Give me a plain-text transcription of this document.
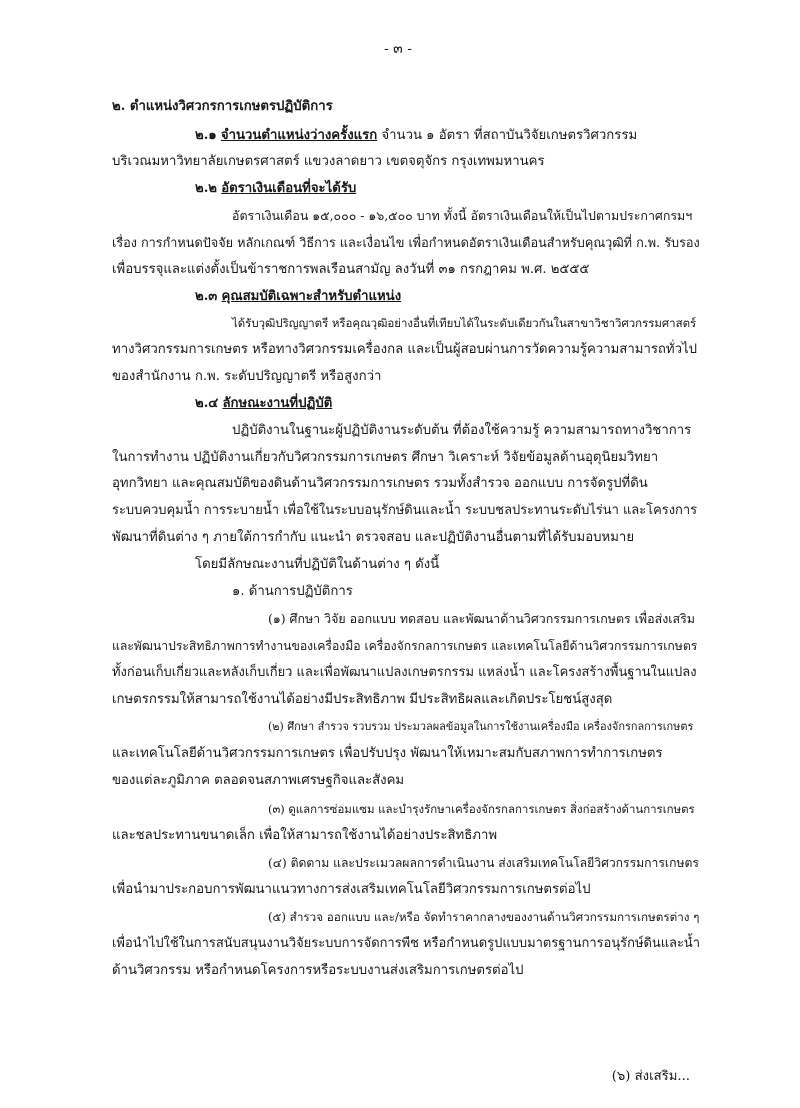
- ๓ -
๒. ตำแหน่งวิศวกรการเกษตรปฏิบัติการ
๒.๑ จำนวนตำแหน่งว่างครั้งแรก จำนวน ๑ อัตรา ที่สถาบันวิจัยเกษตรวิศวกรรม
บริเวณมหาวิทยาลัยเกษตรศาสตร์ แขวงลาดยาว เขตจตุจักร กรุงเทพมหานคร
๒.๒ อัตราเงินเดือนที่จะได้รับ
อัตราเงินเดือน ๑๕,๐๐๐ - ๑๖,๕๐๐ บาท ทั้งนี้ อัตราเงินเดือนให้เป็นไปตามประกาศกรมฯ
เรื่อง การกำหนดปัจจัย หลักเกณฑ์ วิธีการ และเงื่อนไข เพื่อกำหนดอัตราเงินเดือนสำหรับคุณวุฒิที่ ก.พ. รับรอง
เพื่อบรรจุและแต่งตั้งเป็นข้าราชการพลเรือนสามัญ ลงวันที่ ๓๑ กรกฎาคม พ.ศ. ๒๕๕๕
๒.๓ คุณสมบัติเฉพาะสำหรับตำแหน่ง
ได้รับวุฒิปริญญาตรี หรือคุณวุฒิอย่างอื่นที่เทียบได้ในระดับเดียวกันในสาขาวิชาวิศวกรรมศาสตร์
ทางวิศวกรรมการเกษตร หรือทางวิศวกรรมเครื่องกล และเป็นผู้สอบผ่านการวัดความรู้ความสามารถทั่วไป
ของสำนักงาน ก.พ. ระดับปริญญาตรี หรือสูงกว่า
๒.๔ ลักษณะงานที่ปฏิบัติ
ปฏิบัติงานในฐานะผู้ปฏิบัติงานระดับต้น ที่ต้องใช้ความรู้ ความสามารถทางวิชาการ
ในการทำงาน ปฏิบัติงานเกี่ยวกับวิศวกรรมการเกษตร ศึกษา วิเคราะห์ วิจัยข้อมูลด้านอุตุนิยมวิทยา
อุทกวิทยา และคุณสมบัติของดินด้านวิศวกรรมการเกษตร รวมทั้งสำรวจ ออกแบบ การจัดรูปที่ดิน
ระบบควบคุมน้ำ การระบายน้ำ เพื่อใช้ในระบบอนุรักษ์ดินและน้ำ ระบบชลประทานระดับไร่นา และโครงการ
พัฒนาที่ดินต่าง ๆ ภายใต้การกำกับ แนะนำ ตรวจสอบ และปฏิบัติงานอื่นตามที่ได้รับมอบหมาย
โดยมีลักษณะงานที่ปฏิบัติในด้านต่าง ๆ ดังนี้
๑. ด้านการปฏิบัติการ
(๑) ศึกษา วิจัย ออกแบบ ทดสอบ และพัฒนาด้านวิศวกรรมการเกษตร เพื่อส่งเสริม
และพัฒนาประสิทธิภาพการทำงานของเครื่องมือ เครื่องจักรกลการเกษตร และเทคโนโลยีด้านวิศวกรรมการเกษตร
ทั้งก่อนเก็บเกี่ยวและหลังเก็บเกี่ยว และเพื่อพัฒนาแปลงเกษตรกรรม แหล่งน้ำ และโครงสร้างพื้นฐานในแปลง
เกษตรกรรมให้สามารถใช้งานได้อย่างมีประสิทธิภาพ มีประสิทธิผลและเกิดประโยชน์สูงสุด
(๒) ศึกษา สำรวจ รวบรวม ประมวลผลข้อมูลในการใช้งานเครื่องมือ เครื่องจักรกลการเกษตร
และเทคโนโลยีด้านวิศวกรรมการเกษตร เพื่อปรับปรุง พัฒนาให้เหมาะสมกับสภาพการทำการเกษตร
ของแต่ละภูมิภาค ตลอดจนสภาพเศรษฐกิจและสังคม
(๓) ดูแลการซ่อมแซม และบำรุงรักษาเครื่องจักรกลการเกษตร สิ่งก่อสร้างด้านการเกษตร
และชลประทานขนาดเล็ก เพื่อให้สามารถใช้งานได้อย่างประสิทธิภาพ
(๔) ติดตาม และประเมวลผลการดำเนินงาน ส่งเสริมเทคโนโลยีวิศวกรรมการเกษตร
เพื่อนำมาประกอบการพัฒนาแนวทางการส่งเสริมเทคโนโลยีวิศวกรรมการเกษตรต่อไป
(๕) สำรวจ ออกแบบ และ/หรือ จัดทำราคากลางของงานด้านวิศวกรรมการเกษตรต่าง ๆ
เพื่อนำไปใช้ในการสนับสนุนงานวิจัยระบบการจัดการพืช หรือกำหนดรูปแบบมาตรฐานการอนุรักษ์ดินและน้ำ
ด้านวิศวกรรม หรือกำหนดโครงการหรือระบบงานส่งเสริมการเกษตรต่อไป
(๖) ส่งเสริม...
